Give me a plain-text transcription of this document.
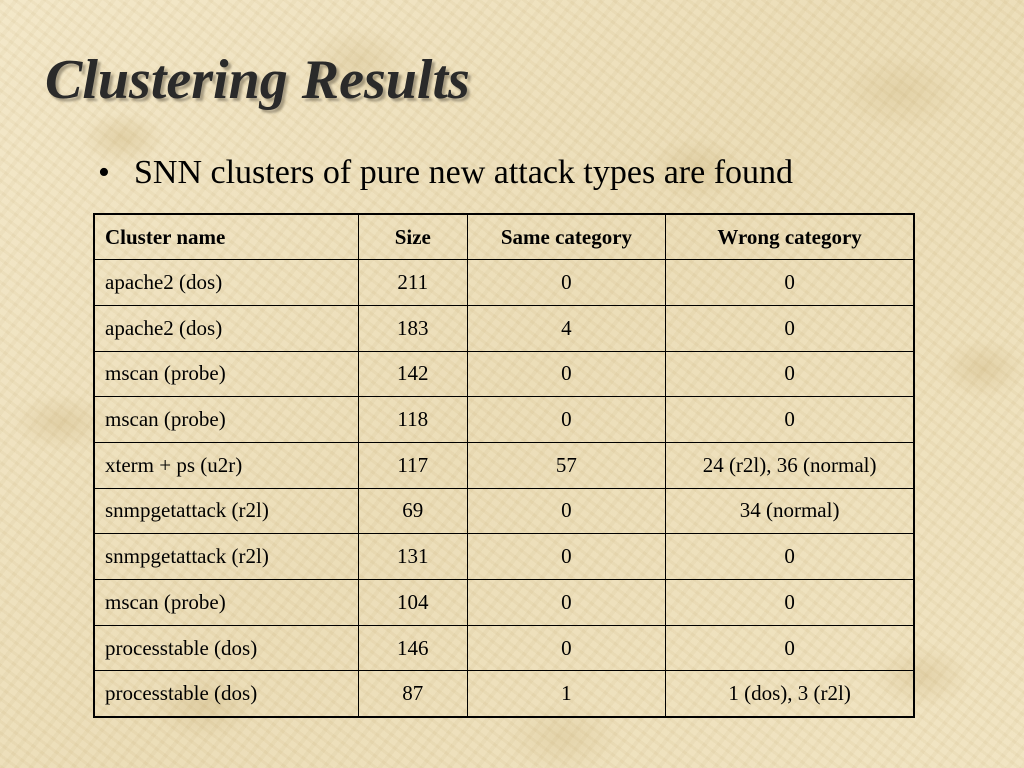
Clustering Results
• SNN clusters of pure new attack types are found
Cluster name	Size	Same category	Wrong category
apache2 (dos)	211	0	0
apache2 (dos)	183	4	0
mscan (probe)	142	0	0
mscan (probe)	118	0	0
xterm + ps (u2r)	117	57	24 (r2l), 36 (normal)
snmpgetattack (r2l)	69	0	34 (normal)
snmpgetattack (r2l)	131	0	0
mscan (probe)	104	0	0
processtable (dos)	146	0	0
processtable (dos)	87	1	1 (dos), 3 (r2l)
